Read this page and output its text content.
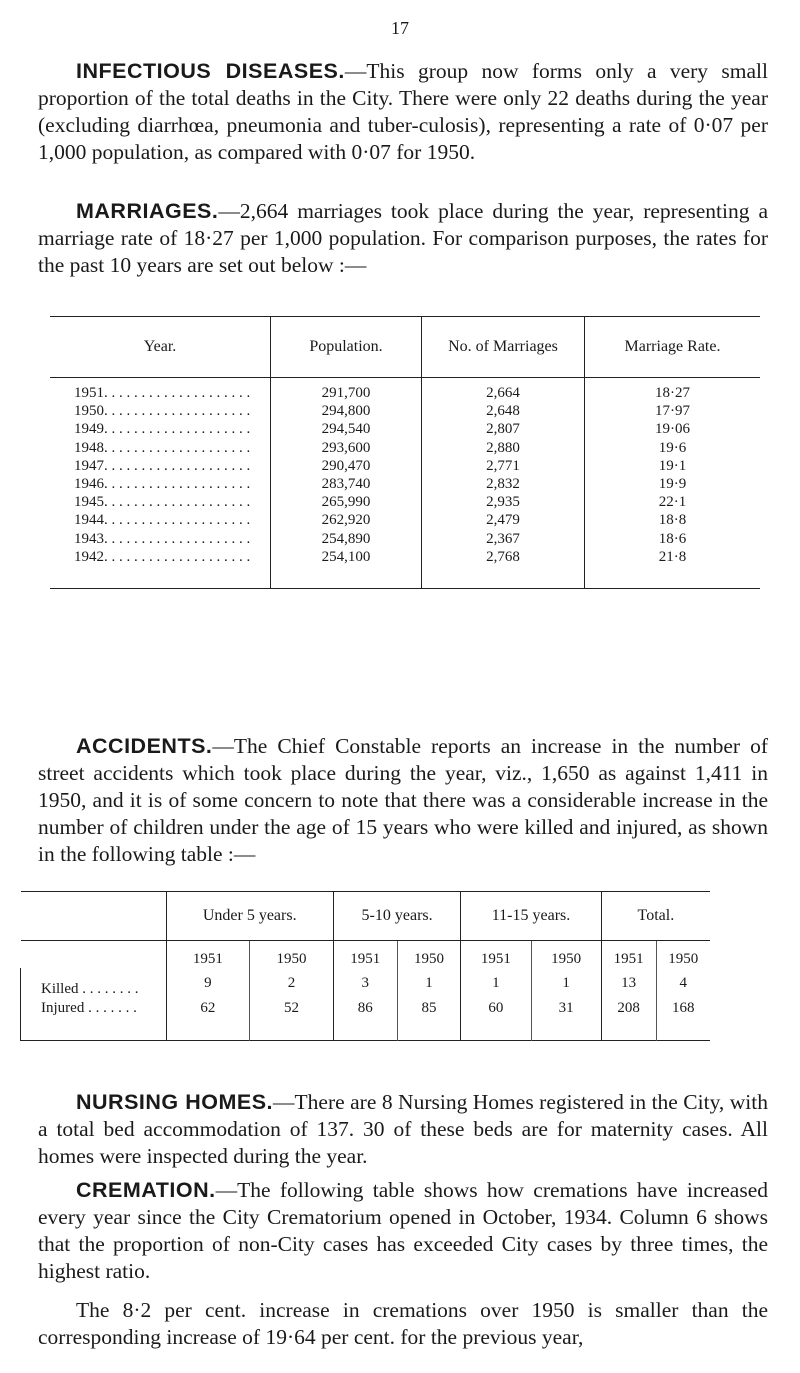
17

INFECTIOUS DISEASES.—This group now forms only a very small proportion of the total deaths in the City. There were only 22 deaths during the year (excluding diarrhœa, pneumonia and tuber-culosis), representing a rate of 0·07 per 1,000 population, as compared with 0·07 for 1950.

MARRIAGES.—2,664 marriages took place during the year, representing a marriage rate of 18·27 per 1,000 population. For comparison purposes, the rates for the past 10 years are set out below :—

Year.	Population.	No. of Marriages	Marriage Rate.
1951. . . . . . . . . . . . . . . . . . . .	291,700	2,664	18·27
1950. . . . . . . . . . . . . . . . . . . .	294,800	2,648	17·97
1949. . . . . . . . . . . . . . . . . . . .	294,540	2,807	19·06
1948. . . . . . . . . . . . . . . . . . . .	293,600	2,880	19·6
1947. . . . . . . . . . . . . . . . . . . .	290,470	2,771	19·1
1946. . . . . . . . . . . . . . . . . . . .	283,740	2,832	19·9
1945. . . . . . . . . . . . . . . . . . . .	265,990	2,935	22·1
1944. . . . . . . . . . . . . . . . . . . .	262,920	2,479	18·8
1943. . . . . . . . . . . . . . . . . . . .	254,890	2,367	18·6
1942. . . . . . . . . . . . . . . . . . . .	254,100	2,768	21·8

ACCIDENTS.—The Chief Constable reports an increase in the number of street accidents which took place during the year, viz., 1,650 as against 1,411 in 1950, and it is of some concern to note that there was a considerable increase in the number of children under the age of 15 years who were killed and injured, as shown in the following table :—

	Under 5 years.		5-10 years.		11-15 years.		Total.	
	1951	1950	1951	1950	1951	1950	1951	1950
Killed . . . . . . . .	9	2	3	1	1	1	13	4
Injured . . . . . . .	62	52	86	85	60	31	208	168

NURSING HOMES.—There are 8 Nursing Homes registered in the City, with a total bed accommodation of 137. 30 of these beds are for maternity cases. All homes were inspected during the year.

CREMATION.—The following table shows how cremations have increased every year since the City Crematorium opened in October, 1934. Column 6 shows that the proportion of non-City cases has exceeded City cases by three times, the highest ratio.

The 8·2 per cent. increase in cremations over 1950 is smaller than the corresponding increase of 19·64 per cent. for the previous year,
